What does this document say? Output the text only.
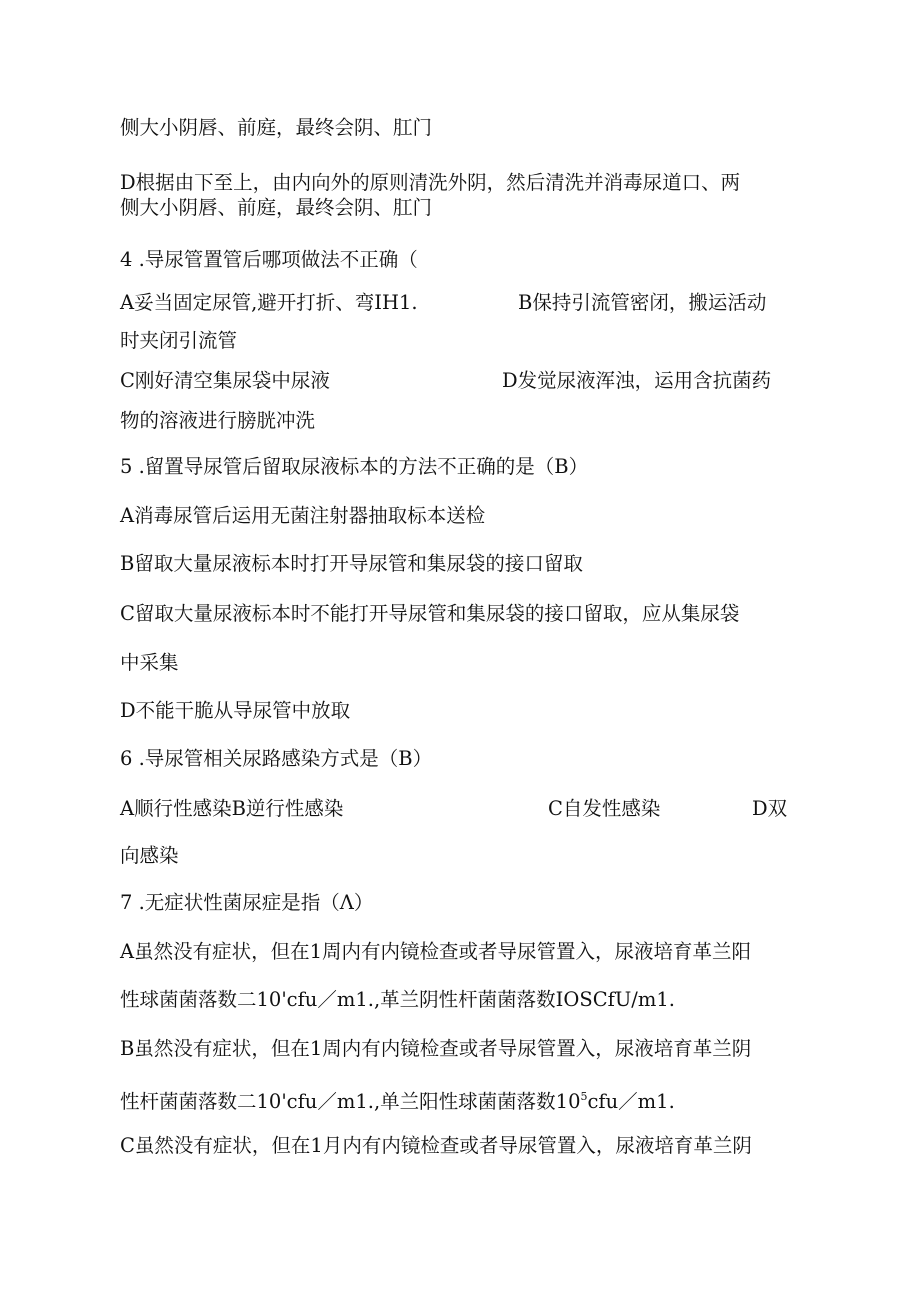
侧大小阴唇、前庭，最终会阴、肛门
D根据由下至上，由内向外的原则清洗外阴，然后清洗并消毒尿道口、两
侧大小阴唇、前庭，最终会阴、肛门
4 .导尿管置管后哪项做法不正确（
A妥当固定尿管,避开打折、弯IH1.	B保持引流管密闭，搬运活动
时夹闭引流管
C刚好清空集尿袋中尿液	D发觉尿液浑浊，运用含抗菌药
物的溶液进行膀胱冲洗
5 .留置导尿管后留取尿液标本的方法不正确的是（B）
A消毒尿管后运用无菌注射器抽取标本送检
B留取大量尿液标本时打开导尿管和集尿袋的接口留取
C留取大量尿液标本时不能打开导尿管和集尿袋的接口留取，应从集尿袋
中采集
D不能干脆从导尿管中放取
6 .导尿管相关尿路感染方式是（B）
A顺行性感染B逆行性感染	C自发性感染	D双
向感染
7 .无症状性菌尿症是指（Λ）
A虽然没有症状，但在1周内有内镜检查或者导尿管置入，尿液培育革兰阳
性球菌菌落数二10'cfu／m1.,革兰阴性杆菌菌落数IOSCfU/m1.
B虽然没有症状，但在1周内有内镜检查或者导尿管置入，尿液培育革兰阴
性杆菌菌落数二10'cfu／m1.,单兰阳性球菌菌落数$10^5cfu/m1$.
C虽然没有症状，但在1月内有内镜检查或者导尿管置入，尿液培育革兰阴
